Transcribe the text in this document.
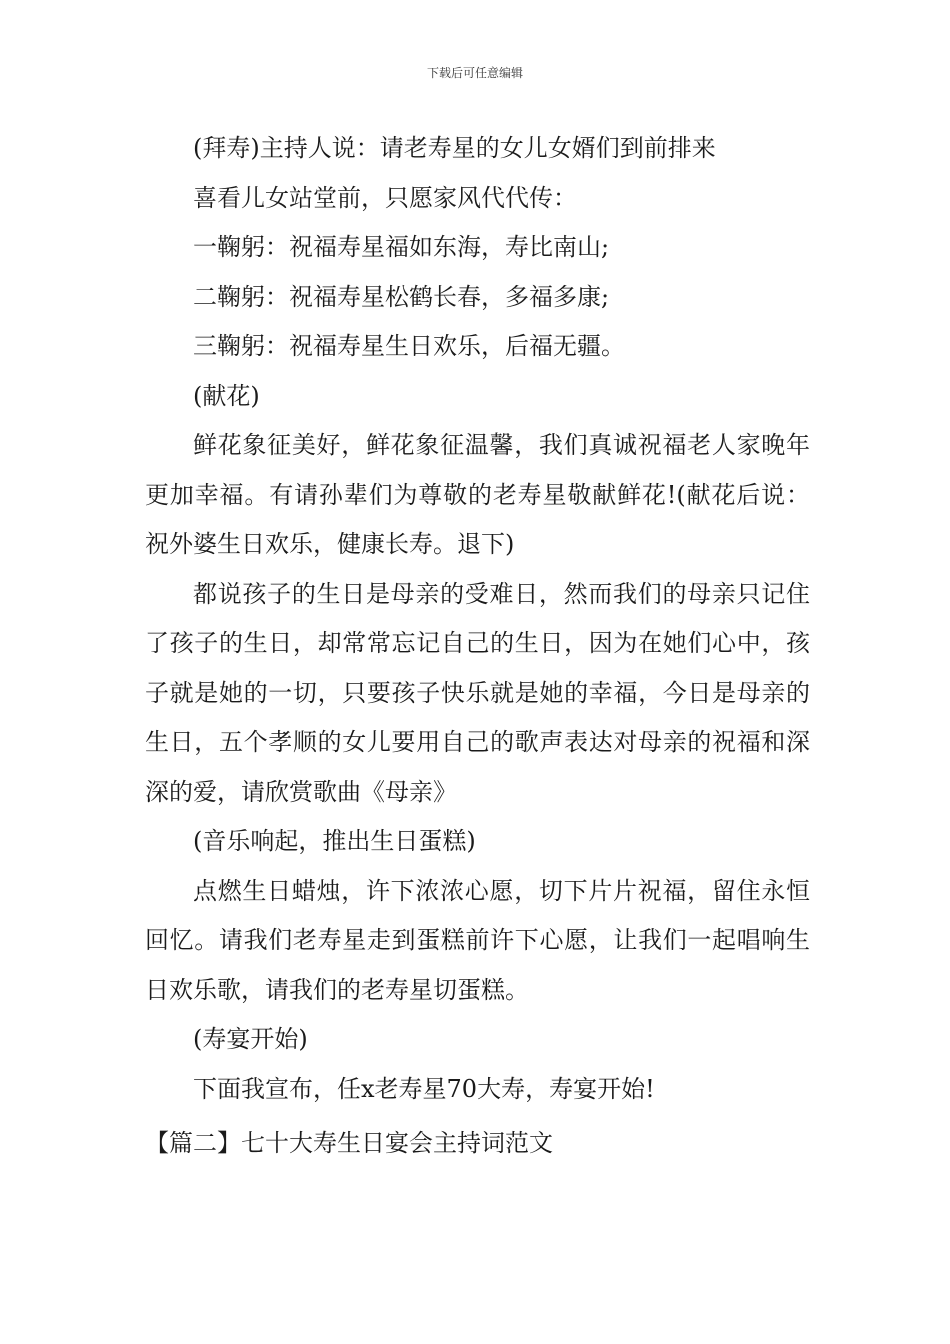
下载后可任意编辑

(拜寿)主持人说：请老寿星的女儿女婿们到前排来

喜看儿女站堂前，只愿家风代代传：

一鞠躬：祝福寿星福如东海，寿比南山;

二鞠躬：祝福寿星松鹤长春，多福多康;

三鞠躬：祝福寿星生日欢乐，后福无疆。

(献花)

鲜花象征美好，鲜花象征温馨，我们真诚祝福老人家晚年更加幸福。有请孙辈们为尊敬的老寿星敬献鲜花!(献花后说：祝外婆生日欢乐，健康长寿。退下)

都说孩子的生日是母亲的受难日，然而我们的母亲只记住了孩子的生日，却常常忘记自己的生日，因为在她们心中，孩子就是她的一切，只要孩子快乐就是她的幸福，今日是母亲的生日，五个孝顺的女儿要用自己的歌声表达对母亲的祝福和深深的爱，请欣赏歌曲《母亲》

(音乐响起，推出生日蛋糕)

点燃生日蜡烛，许下浓浓心愿，切下片片祝福，留住永恒回忆。请我们老寿星走到蛋糕前许下心愿，让我们一起唱响生日欢乐歌，请我们的老寿星切蛋糕。

(寿宴开始)

下面我宣布，任x老寿星70大寿，寿宴开始!

【篇二】七十大寿生日宴会主持词范文
